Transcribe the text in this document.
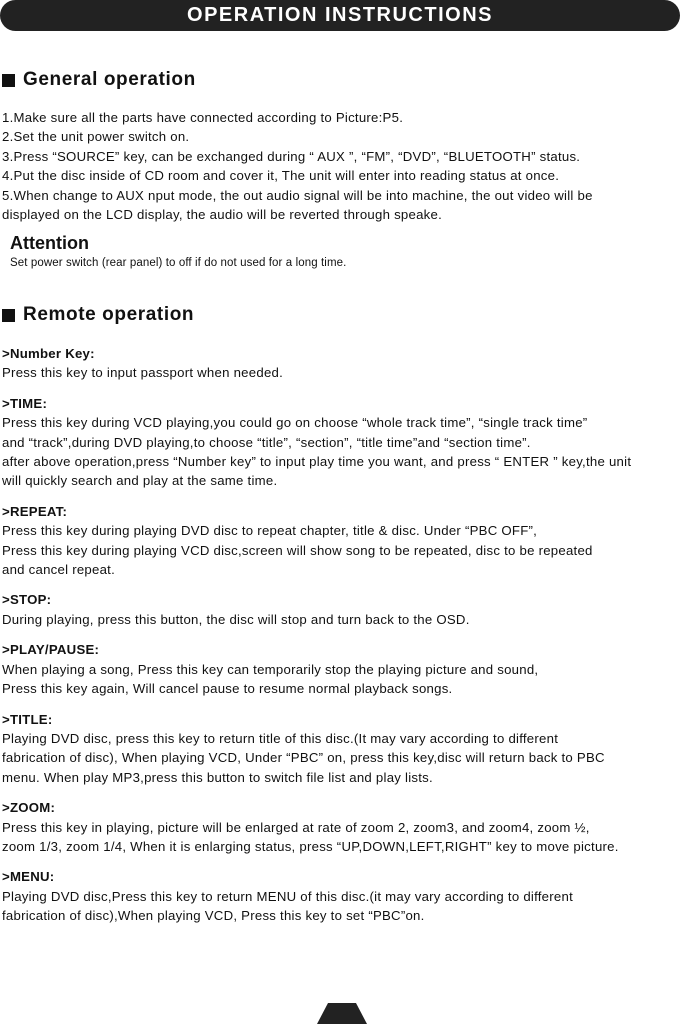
OPERATION INSTRUCTIONS
General operation
1.Make sure all the parts have connected according to Picture:P5.
2.Set the unit power switch on.
3.Press “SOURCE” key, can be exchanged during “ AUX ”, “FM”, “DVD”, “BLUETOOTH” status.
4.Put the disc inside of CD room and cover it, The unit will enter into reading status at once.
5.When change to AUX nput mode, the out audio signal will be into machine, the out video will be
displayed on the LCD display, the audio will be reverted through speake.
Attention
Set power switch (rear panel) to off if do not used for a long time.
Remote operation
>Number Key:
Press this key to input passport when needed.
>TIME:
Press this key during VCD playing,you could go on choose “whole track time”, “single track time”
and “track”,during DVD playing,to choose “title”, “section”, “title time”and “section time”.
after above operation,press “Number key” to input play time you want, and press “ ENTER ” key,the unit
will quickly search and play at the same time.
>REPEAT:
Press this key during playing DVD disc to repeat chapter, title & disc. Under “PBC OFF”,
Press this key during playing VCD disc,screen will show song to be repeated, disc to be repeated
and cancel repeat.
>STOP:
During playing, press this button, the disc will stop and turn back to the OSD.
>PLAY/PAUSE:
When playing a song, Press this key can temporarily stop the playing picture and sound,
Press this key again, Will cancel pause to resume normal playback songs.
>TITLE:
Playing DVD disc, press this key to return title of this disc.(It may vary according to different
fabrication of disc), When playing VCD, Under “PBC” on, press this key,disc will return back to PBC
menu. When play MP3,press this button to switch file list and play lists.
>ZOOM:
Press this key in playing, picture will be enlarged at rate of zoom 2, zoom3, and zoom4, zoom ½,
zoom 1/3, zoom 1/4, When it is enlarging status, press “UP,DOWN,LEFT,RIGHT” key to move picture.
>MENU:
Playing DVD disc,Press this key to return MENU of this disc.(it may vary according to different
fabrication of disc),When playing VCD, Press this key to set “PBC”on.
